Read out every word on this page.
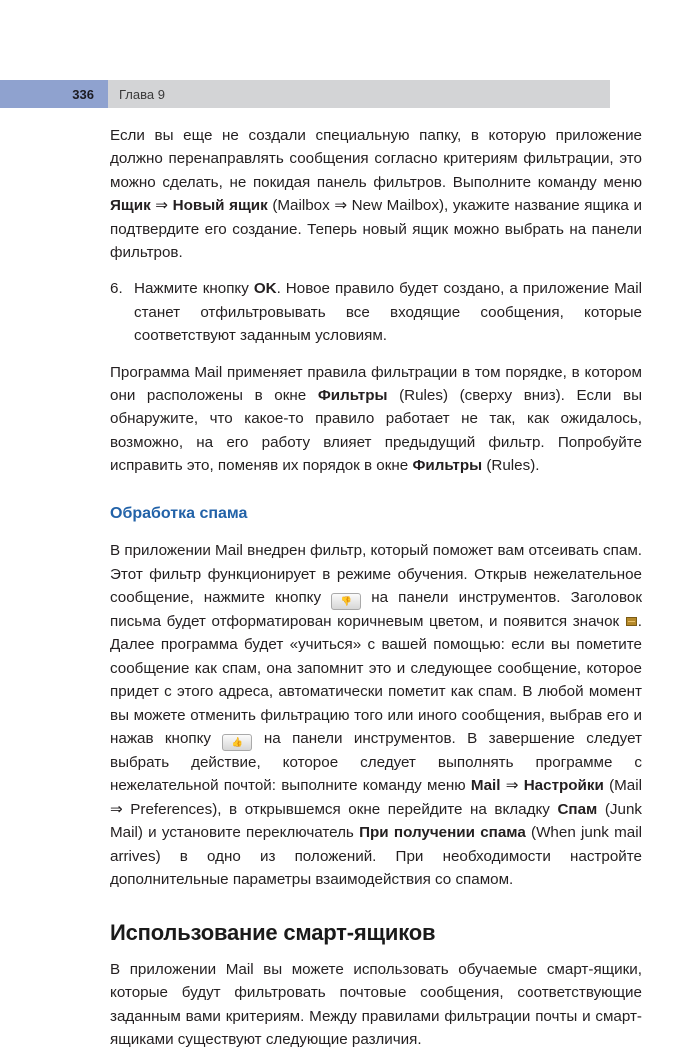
336 Глава 9

Если вы еще не создали специальную папку, в которую приложение должно перенаправлять сообщения согласно критериям фильтрации, это можно сделать, не покидая панель фильтров. Выполните команду меню Ящик ⇒ Новый ящик (Mailbox ⇒ New Mailbox), укажите название ящика и подтвердите его создание. Теперь новый ящик можно выбрать на панели фильтров.

6. Нажмите кнопку OK. Новое правило будет создано, а приложение Mail станет отфильтровывать все входящие сообщения, которые соответствуют заданным условиям.

Программа Mail применяет правила фильтрации в том порядке, в котором они расположены в окне Фильтры (Rules) (сверху вниз). Если вы обнаружите, что какое-то правило работает не так, как ожидалось, возможно, на его работу влияет предыдущий фильтр. Попробуйте исправить это, поменяв их порядок в окне Фильтры (Rules).

Обработка спама

В приложении Mail внедрен фильтр, который поможет вам отсеивать спам. Этот фильтр функционирует в режиме обучения. Открыв нежелательное сообщение, нажмите кнопку 👎 на панели инструментов. Заголовок письма будет отформатирован коричневым цветом, и появится значок . Далее программа будет «учиться» с вашей помощью: если вы пометите сообщение как спам, она запомнит это и следующее сообщение, которое придет с этого адреса, автоматически пометит как спам. В любой момент вы можете отменить фильтрацию того или иного сообщения, выбрав его и нажав кнопку 👍 на панели инструментов. В завершение следует выбрать действие, которое следует выполнять программе с нежелательной почтой: выполните команду меню Mail ⇒ Настройки (Mail ⇒ Preferences), в открывшемся окне перейдите на вкладку Спам (Junk Mail) и установите переключатель При получении спама (When junk mail arrives) в одно из положений. При необходимости настройте дополнительные параметры взаимодействия со спамом.

Использование смарт-ящиков

В приложении Mail вы можете использовать обучаемые смарт-ящики, которые будут фильтровать почтовые сообщения, соответствующие заданным вами критериям. Между правилами фильтрации почты и смарт-ящиками существуют следующие различия.
